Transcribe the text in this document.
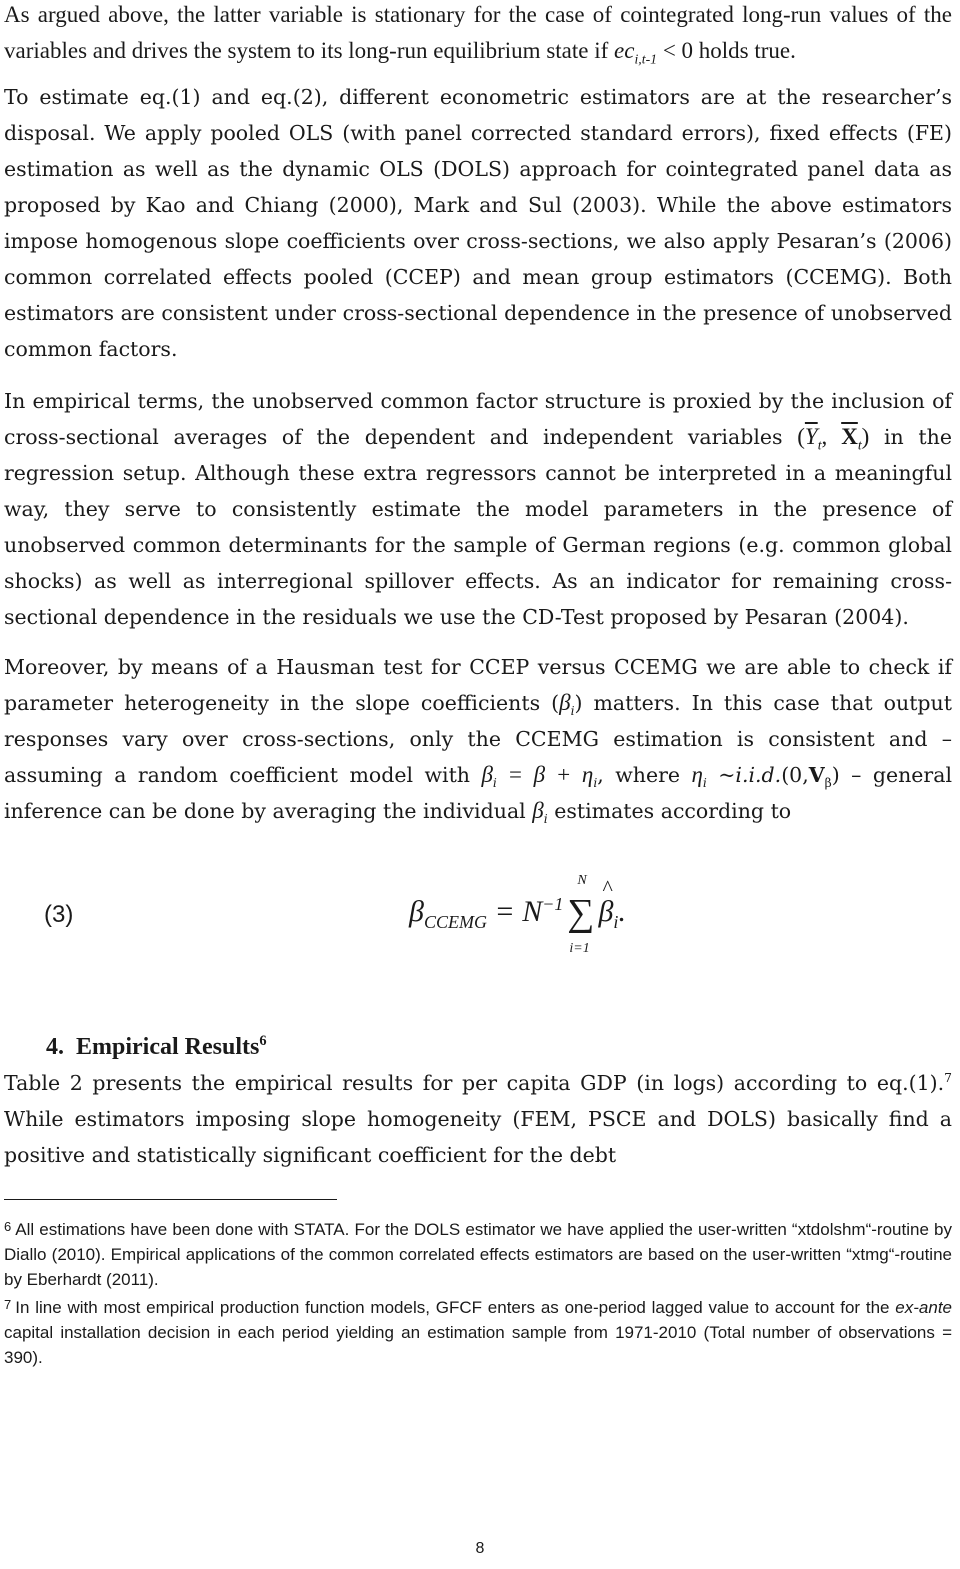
As argued above, the latter variable is stationary for the case of cointegrated long-run values of the variables and drives the system to its long-run equilibrium state if $ec_{i,t-1} < 0$ holds true.

To estimate eq.(1) and eq.(2), different econometric estimators are at the researcher’s disposal. We apply pooled OLS (with panel corrected standard errors), fixed effects (FE) estimation as well as the dynamic OLS (DOLS) approach for cointegrated panel data as proposed by Kao and Chiang (2000), Mark and Sul (2003). While the above estimators impose homogenous slope coefficients over cross-sections, we also apply Pesaran’s (2006) common correlated effects pooled (CCEP) and mean group estimators (CCEMG). Both estimators are consistent under cross-sectional dependence in the presence of unobserved common factors.

In empirical terms, the unobserved common factor structure is proxied by the inclusion of cross-sectional averages of the dependent and independent variables ($\overline{Y}_t$, $\overline{X}_t$) in the regression setup. Although these extra regressors cannot be interpreted in a meaningful way, they serve to consistently estimate the model parameters in the presence of unobserved common determinants for the sample of German regions (e.g. common global shocks) as well as interregional spillover effects. As an indicator for remaining cross-sectional dependence in the residuals we use the CD-Test proposed by Pesaran (2004).

Moreover, by means of a Hausman test for CCEP versus CCEMG we are able to check if parameter heterogeneity in the slope coefficients $(\beta_i)$ matters. In this case that output responses vary over cross-sections, only the CCEMG estimation is consistent and – assuming a random coefficient model with $\beta_i = \beta + \eta_i$, where $\eta_i$ $\sim i.i.d.(0,V_\beta)$ – general inference can be done by averaging the individual $\beta_i$ estimates according to

(3)	$\beta_{CCEMG} = N^{-1}$ ∑
N
i=1
^ $\beta_i$.
4.  Empirical Results$^6$

Table 2 presents the empirical results for per capita GDP (in logs) according to eq.(1).$^7$ While estimators imposing slope homogeneity (FEM, PSCE and DOLS) basically find a positive and statistically significant coefficient for the debt

$^6$ All estimations have been done with STATA. For the DOLS estimator we have applied the user-written “xtdolshm“-routine by Diallo (2010). Empirical applications of the common correlated effects estimators are based on the user-written “xtmg“-routine by Eberhardt (2011).

$^7$ In line with most empirical production function models, GFCF enters as one-period lagged value to account for the ex-ante capital installation decision in each period yielding an estimation sample from 1971-2010 (Total number of observations = 390).

8
